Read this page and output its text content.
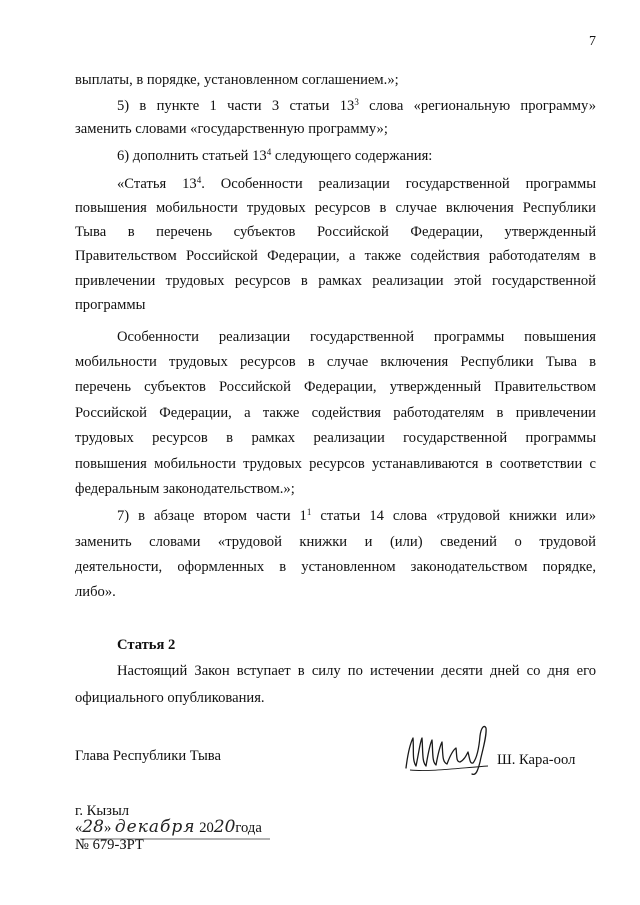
7
выплаты, в порядке, установленном соглашением.»;
5) в пункте 1 части 3 статьи $13^3$ слова «региональную программу»
заменить словами «государственную программу»;
6) дополнить статьей $13^4$ следующего содержания:
«Статья $13^4$. Особенности реализации государственной программы
повышения мобильности трудовых ресурсов в случае включения Республики
Тыва в перечень субъектов Российской Федерации, утвержденный
Правительством Российской Федерации, а также содействия работодателям в
привлечении трудовых ресурсов в рамках реализации этой государственной
программы
Особенности реализации государственной программы повышения
мобильности трудовых ресурсов в случае включения Республики Тыва в
перечень субъектов Российской Федерации, утвержденный Правительством
Российской Федерации, а также содействия работодателям в привлечении
трудовых ресурсов в рамках реализации государственной программы
повышения мобильности трудовых ресурсов устанавливаются в соответствии с
федеральным законодательством.»;
7) в абзаце втором части $1^1$ статьи 14 слова «трудовой книжки или»
заменить словами «трудовой книжки и (или) сведений о трудовой
деятельности, оформленных в установленном законодательством порядке,
либо».
Статья 2
Настоящий Закон вступает в силу по истечении десяти дней со дня его
официального опубликования.
Глава Республики Тыва	Ш. Кара-оол
г. Кызыл
«28» декабря 2020года
№ 679-ЗРТ
